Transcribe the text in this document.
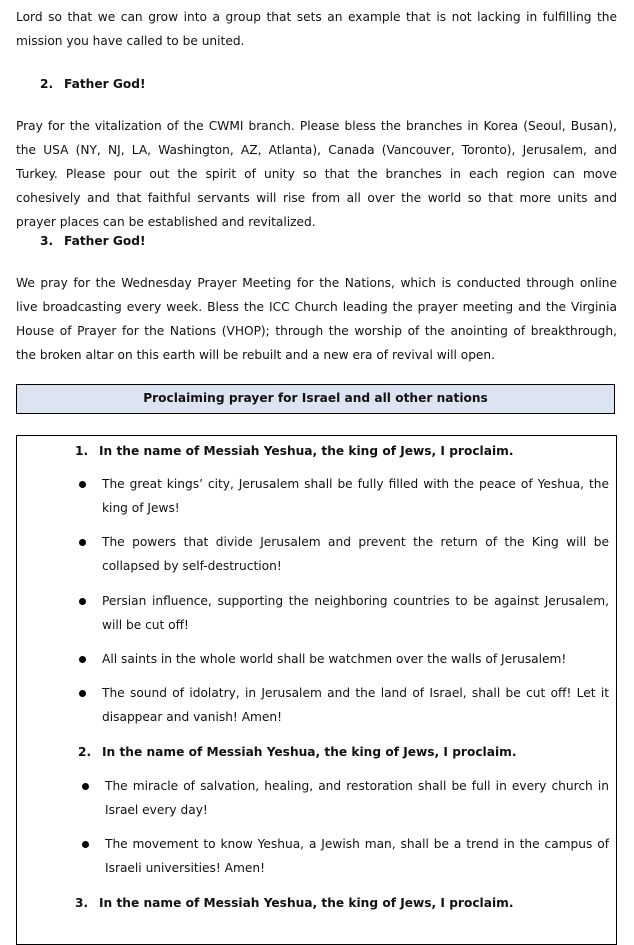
Lord so that we can grow into a group that sets an example that is not lacking in fulfilling the mission you have called to be united.

2. Father God!

Pray for the vitalization of the CWMI branch. Please bless the branches in Korea (Seoul, Busan), the USA (NY, NJ, LA, Washington, AZ, Atlanta), Canada (Vancouver, Toronto), Jerusalem, and Turkey. Please pour out the spirit of unity so that the branches in each region can move cohesively and that faithful servants will rise from all over the world so that more units and prayer places can be established and revitalized.

3. Father God!

We pray for the Wednesday Prayer Meeting for the Nations, which is conducted through online live broadcasting every week. Bless the ICC Church leading the prayer meeting and the Virginia House of Prayer for the Nations (VHOP); through the worship of the anointing of breakthrough, the broken altar on this earth will be rebuilt and a new era of revival will open.

Proclaiming prayer for Israel and all other nations

1. In the name of Messiah Yeshua, the king of Jews, I proclaim.

The great kings’ city, Jerusalem shall be fully filled with the peace of Yeshua, the king of Jews!
The powers that divide Jerusalem and prevent the return of the King will be collapsed by self-destruction!
Persian influence, supporting the neighboring countries to be against Jerusalem, will be cut off!
All saints in the whole world shall be watchmen over the walls of Jerusalem!
The sound of idolatry, in Jerusalem and the land of Israel, shall be cut off! Let it disappear and vanish! Amen!

2. In the name of Messiah Yeshua, the king of Jews, I proclaim.

The miracle of salvation, healing, and restoration shall be full in every church in Israel every day!
The movement to know Yeshua, a Jewish man, shall be a trend in the campus of Israeli universities! Amen!

3. In the name of Messiah Yeshua, the king of Jews, I proclaim.
